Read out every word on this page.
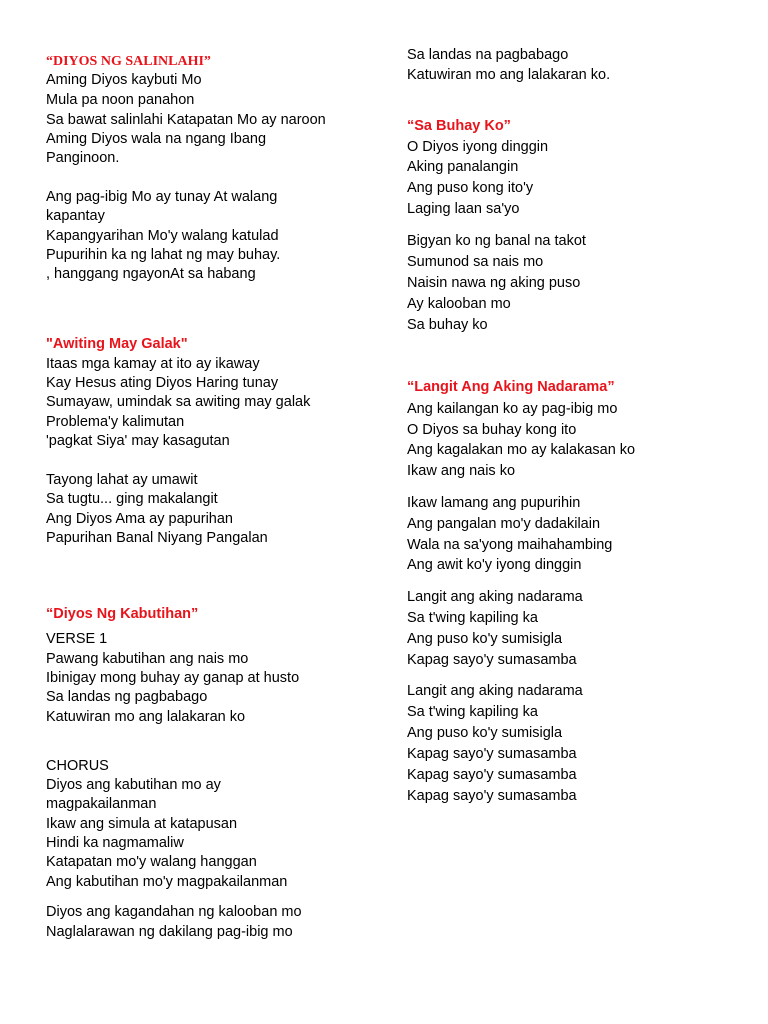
“DIYOS NG SALINLAHI”
Aming Diyos kaybuti Mo
Mula pa noon panahon
Sa bawat salinlahi Katapatan Mo ay naroon
Aming Diyos wala na ngang Ibang
Panginoon.
Ang pag-ibig Mo ay tunay At walang
kapantay
Kapangyarihan Mo'y walang katulad
Pupurihin ka ng lahat ng may buhay.
, hanggang ngayonAt sa habang
"Awiting May Galak"
Itaas mga kamay at ito ay ikaway
Kay Hesus ating Diyos Haring tunay
Sumayaw, umindak sa awiting may galak
Problema'y kalimutan
'pagkat Siya' may kasagutan
Tayong lahat ay umawit
Sa tugtu... ging makalangit
Ang Diyos Ama ay papurihan
Papurihan Banal Niyang Pangalan
“Diyos Ng Kabutihan”
VERSE 1
Pawang kabutihan ang nais mo
Ibinigay mong buhay ay ganap at husto
Sa landas ng pagbabago
Katuwiran mo ang lalakaran ko
CHORUS
Diyos ang kabutihan mo ay
magpakailanman
Ikaw ang simula at katapusan
Hindi ka nagmamaliw
Katapatan mo'y walang hanggan
Ang kabutihan mo'y magpakailanman
Diyos ang kagandahan ng kalooban mo
Naglalarawan ng dakilang pag-ibig mo
Sa landas na pagbabago
Katuwiran mo ang lalakaran ko.
“Sa Buhay Ko”
O Diyos iyong dinggin
Aking panalangin
Ang puso kong ito'y
Laging laan sa'yo
Bigyan ko ng banal na takot
Sumunod sa nais mo
Naisin nawa ng aking puso
Ay kalooban mo
Sa buhay ko
“Langit Ang Aking Nadarama”
Ang kailangan ko ay pag-ibig mo
O Diyos sa buhay kong ito
Ang kagalakan mo ay kalakasan ko
Ikaw ang nais ko
Ikaw lamang ang pupurihin
Ang pangalan mo'y dadakilain
Wala na sa'yong maihahambing
Ang awit ko'y iyong dinggin
Langit ang aking nadarama
Sa t'wing kapiling ka
Ang puso ko'y sumisigla
Kapag sayo'y sumasamba
Langit ang aking nadarama
Sa t'wing kapiling ka
Ang puso ko'y sumisigla
Kapag sayo'y sumasamba
Kapag sayo'y sumasamba
Kapag sayo'y sumasamba
